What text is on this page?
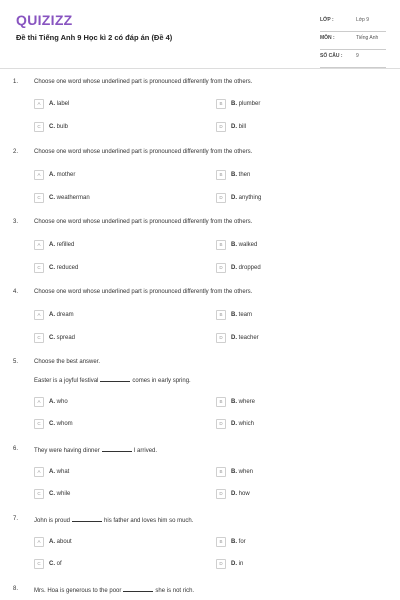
QUIZIZZ
Đề thi Tiếng Anh 9 Học kì 2 có đáp án (Đề 4)
LỚP :	Lớp 9
MÔN :	Tiếng Anh
SỐ CÂU :	9
1.	Choose one word whose underlined part is pronounced differently from the others.
A A. label	B B. plumber
C C. bulb	D D. bill
2.	Choose one word whose underlined part is pronounced differently from the others.
A A. mother	B B. then
C C. weatherman	D D. anything
3.	Choose one word whose underlined part is pronounced differently from the others.
A A. refilled	B B. walked
C C. reduced	D D. dropped
4.	Choose one word whose underlined part is pronounced differently from the others.
A A. dream	B B. team
C C. spread	D D. teacher
5.	Choose the best answer.
Easter is a joyful festival	comes in early spring.
A A. who	B B. where
C C. whom	D D. which
6.	They were having dinner	I arrived.
A A. what	B B. when
C C. while	D D. how
7.	John is proud	his father and loves him so much.
A A. about	B B. for
C C. of	D D. in
8.	Mrs. Hoa is generous to the poor	she is not rich.
